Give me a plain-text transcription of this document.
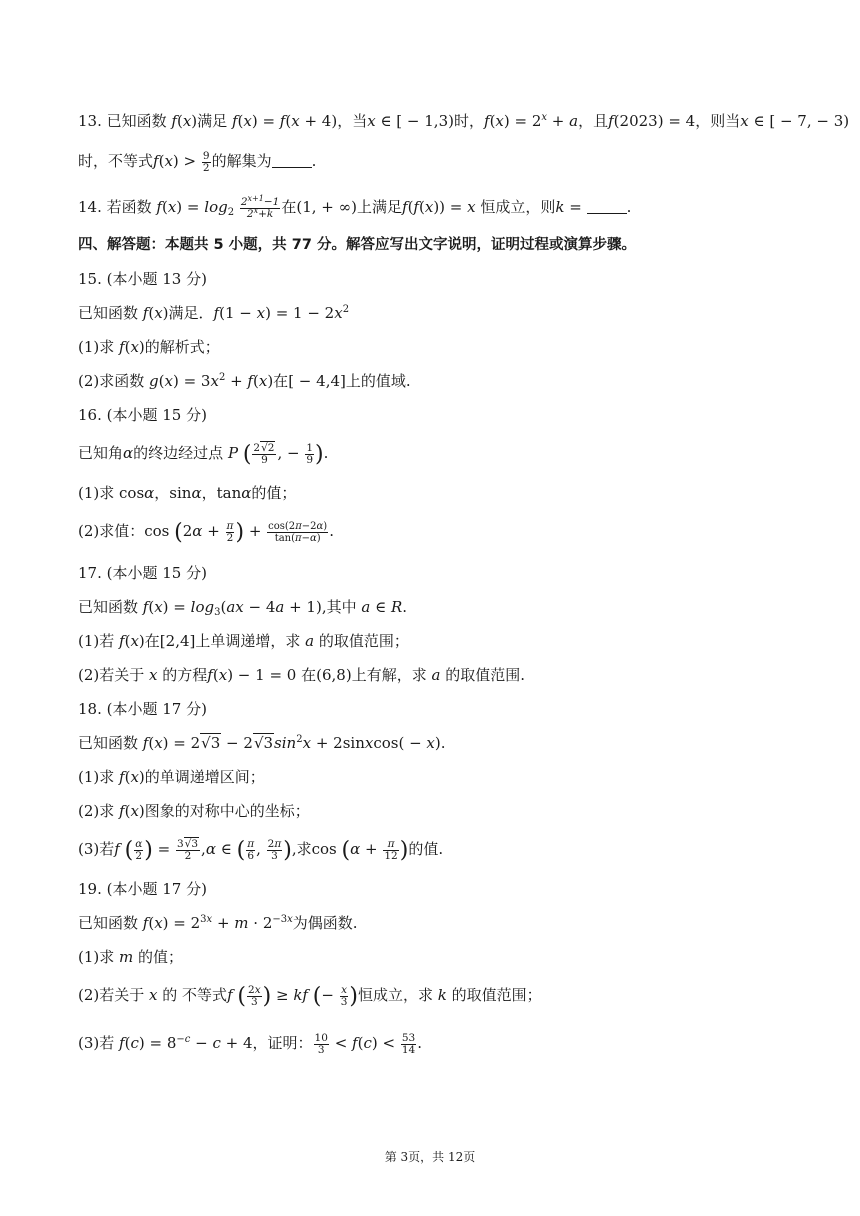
13. 已知函数 f(x)满足 f(x) = f(x + 4)，当x ∈ [ − 1,3)时，$f(x) = 2^x + a$，且f(2023) = 4，则当x ∈ [ − 7, − 3)
时，不等式$f(x) > \frac{9}{2}$ 的解集为	.
14. 若函数 $f(x) = \log_2 \frac{2^{x+1}-1}{2^x+k}$ 在(1, + ∞)上满足f(f(x)) = x 恒成立，则k =	.
四、解答题：本题共 5 小题，共 77 分。解答应写出文字说明，证明过程或演算步骤。
15. (本小题 13 分)
已知函数 f(x)满足．$f(1 - x) = 1 - 2x^2$
(1)求 f(x)的解析式；
(2)求函数 $g(x) = 3x^2 + f(x)$在[ − 4,4]上的值域.
16. (本小题 15 分)
已知角α的终边经过点 P ( $\frac{2√2}{9}$ , − $\frac{1}{9}$ ).
(1)求 cosα，sinα，tanα的值；
(2)求值：$\cos (2\alpha + \frac{\pi}{2}$ ) + $\frac{\cos(2\pi-2\alpha)}{\tan(\pi-\alpha)}$ .
17. (本小题 15 分)
已知函数 $f(x) = \log_3(ax - 4a + 1)$,其中 a ∈ R.
(1)若 f(x)在[2,4]上单调递增，求 a 的取值范围；
(2)若关于 x 的方程f(x) − 1 = 0 在(6,8)上有解，求 a 的取值范围.
18. (本小题 17 分)
已知函数 $f(x) = 2√3 - 2√3\sin^2x$ + 2sinxcos( − x).
(1)求 f(x)的单调递增区间；
(2)求 f(x)图象的对称中心的坐标；
(3)若f ( $\frac{\alpha}{2}$ ) = $\frac{3√3}{2} ,\alpha$ ∈ ( $\frac{\pi}{6}$ , $\frac{2\pi}{3}$ ),求$\cos (\alpha + \frac{\pi}{12}$ )的值.
19. (本小题 17 分)
已知函数 $f(x) = 2^{3x} + m \cdot 2^{-3x}$为偶函数.
(1)求 m 的值；
(2)若关于 x 的 不等式f ( $\frac{2x}{3}$ ) ≥ kf (− $\frac{x}{3}$ )恒成立，求 k 的取值范围；
(3)若 $f(c) = 8^{-c} - c + 4$，证明： $\frac{10}{3} < f(c) < \frac{53}{14}$ .
第 3页，共 12页
